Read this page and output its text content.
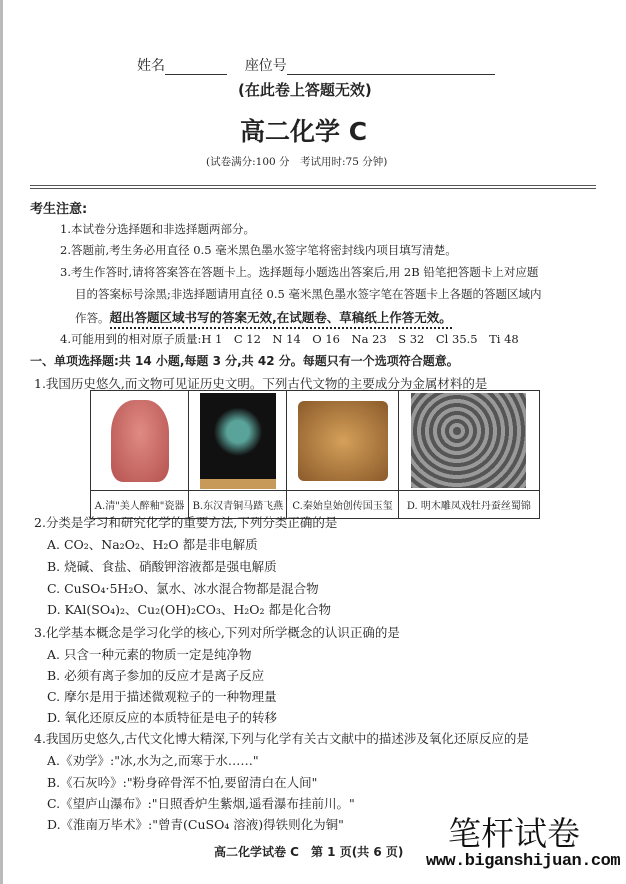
姓名	座位号
(在此卷上答题无效)
高二化学 C
(试卷满分:100 分　考试用时:75 分钟)
考生注意:
1.本试卷分选择题和非选择题两部分。
2.答题前,考生务必用直径 0.5 毫米黑色墨水签字笔将密封线内项目填写清楚。
3.考生作答时,请将答案答在答题卡上。选择题每小题选出答案后,用 2B 铅笔把答题卡上对应题
目的答案标号涂黑;非选择题请用直径 0.5 毫米黑色墨水签字笔在答题卡上各题的答题区域内
作答。超出答题区域书写的答案无效,在试题卷、草稿纸上作答无效。
4.可能用到的相对原子质量:H 1　C 12　N 14　O 16　Na 23　S 32　Cl 35.5　Ti 48
一、单项选择题:共 14 小题,每题 3 分,共 42 分。每题只有一个选项符合题意。
1.我国历史悠久,而文物可见证历史文明。下列古代文物的主要成分为金属材料的是

A.清"美人醉釉"瓷器	B.东汉青铜马踏飞燕	C.秦始皇始创传国玉玺	D. 明木雕凤戏牡丹蚕丝蜀锦
2.分类是学习和研究化学的重要方法,下列分类正确的是
A. CO₂、Na₂O₂、H₂O 都是非电解质
B. 烧碱、食盐、硝酸钾溶液都是强电解质
C. CuSO₄·5H₂O、氯水、冰水混合物都是混合物
D. KAl(SO₄)₂、Cu₂(OH)₂CO₃、H₂O₂ 都是化合物
3.化学基本概念是学习化学的核心,下列对所学概念的认识正确的是
A. 只含一种元素的物质一定是纯净物
B. 必须有离子参加的反应才是离子反应
C. 摩尔是用于描述微观粒子的一种物理量
D. 氧化还原反应的本质特征是电子的转移
4.我国历史悠久,古代文化博大精深,下列与化学有关古文献中的描述涉及氧化还原反应的是
A.《劝学》:"冰,水为之,而寒于水……"
B.《石灰吟》:"粉身碎骨浑不怕,要留清白在人间"
C.《望庐山瀑布》:"日照香炉生紫烟,遥看瀑布挂前川。"
D.《淮南万毕术》:"曾青(CuSO₄ 溶液)得铁则化为铜"
高二化学试卷 C　第 1 页(共 6 页) 笔杆试卷
www.biganshijuan.com
